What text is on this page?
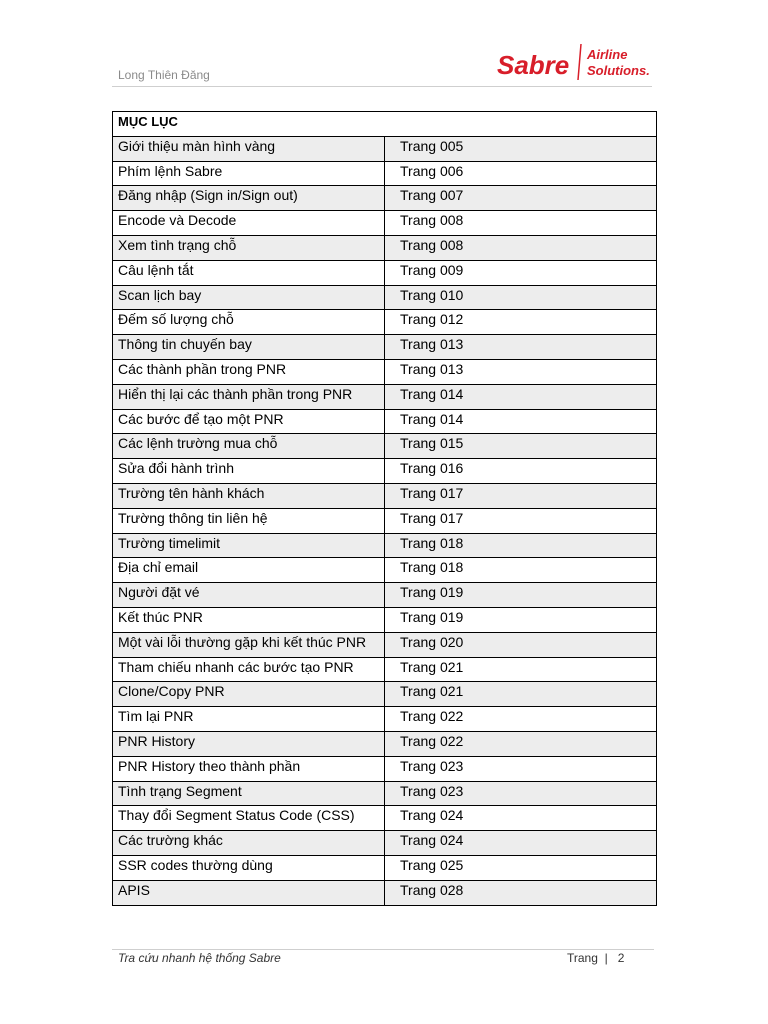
Long Thiên Đăng	Sabre Airline
Solutions.
MỤC LỤC	
Giới thiệu màn hình vàng	Trang 005
Phím lệnh Sabre	Trang 006
Đăng nhập (Sign in/Sign out)	Trang 007
Encode và Decode	Trang 008
Xem tình trạng chỗ	Trang 008
Câu lệnh tắt	Trang 009
Scan lịch bay	Trang 010
Đếm số lượng chỗ	Trang 012
Thông tin chuyến bay	Trang 013
Các thành phần trong PNR	Trang 013
Hiển thị lại các thành phần trong PNR	Trang 014
Các bước để tạo một PNR	Trang 014
Các lệnh trường mua chỗ	Trang 015
Sửa đổi hành trình	Trang 016
Trường tên hành khách	Trang 017
Trường thông tin liên hệ	Trang 017
Trường timelimit	Trang 018
Địa chỉ email	Trang 018
Người đặt vé	Trang 019
Kết thúc PNR	Trang 019
Một vài lỗi thường gặp khi kết thúc PNR	Trang 020
Tham chiếu nhanh các bước tạo PNR	Trang 021
Clone/Copy PNR	Trang 021
Tìm lại PNR	Trang 022
PNR History	Trang 022
PNR History theo thành phần	Trang 023
Tình trạng Segment	Trang 023
Thay đổi Segment Status Code (CSS)	Trang 024
Các trường khác	Trang 024
SSR codes thường dùng	Trang 025
APIS	Trang 028
Tra cứu nhanh hệ thống Sabre	Trang | 2
